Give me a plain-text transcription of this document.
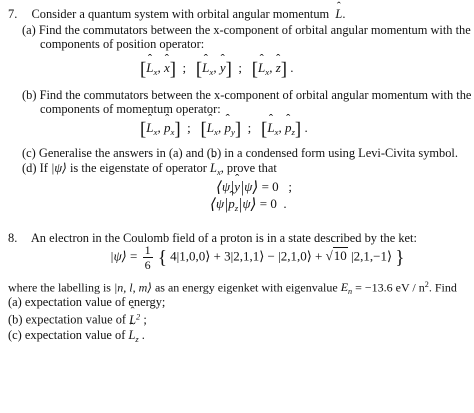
7. Consider a quantum system with orbital angular momentum ˆ L.
(a) Find the commutators between the x-component of orbital angular momentum with the
components of position operator:
[ˆ $L_x$, ˆ x]  ;   [ˆ $L_x$, ˆ y]  ;   [ˆ $L_x$, ˆ z] .
(b) Find the commutators between the x-component of orbital angular momentum with the
components of momentum operator:
[ˆ $L_x$, ˆ $p_x$]  ;   [ˆ $L_x$, ˆ $p_y$]  ;   [ˆ $L_x$, ˆ $p_z$] .
(c) Generalise the answers in (a) and (b) in a condensed form using Levi-Civita symbol.
(d) If |ψ⟩ is the eigenstate of operator ˆ $L_x$, prove that
⟨ψ|ˆ y|ψ⟩ = 0   ;
⟨ψ|ˆ $p_z|\psi⟩ = 0$  .
8. An electron in the Coulomb field of a proton is in a state described by the ket:
|ψ⟩ = $\frac{1}{6}$ { 4|1,0,0⟩ + 3|2,1,1⟩ − |2,1,0⟩ + √10 |2,1,−1⟩ }
where the labelling is |n, l, m⟩ as an energy eigenket with eigenvalue $E_n = -13.6$ eV / $n^2$. Find
(a) expectation value of energy;
(b) expectation value of ˆ $L^2$ ;
(c) expectation value of ˆ $L_z$ .
